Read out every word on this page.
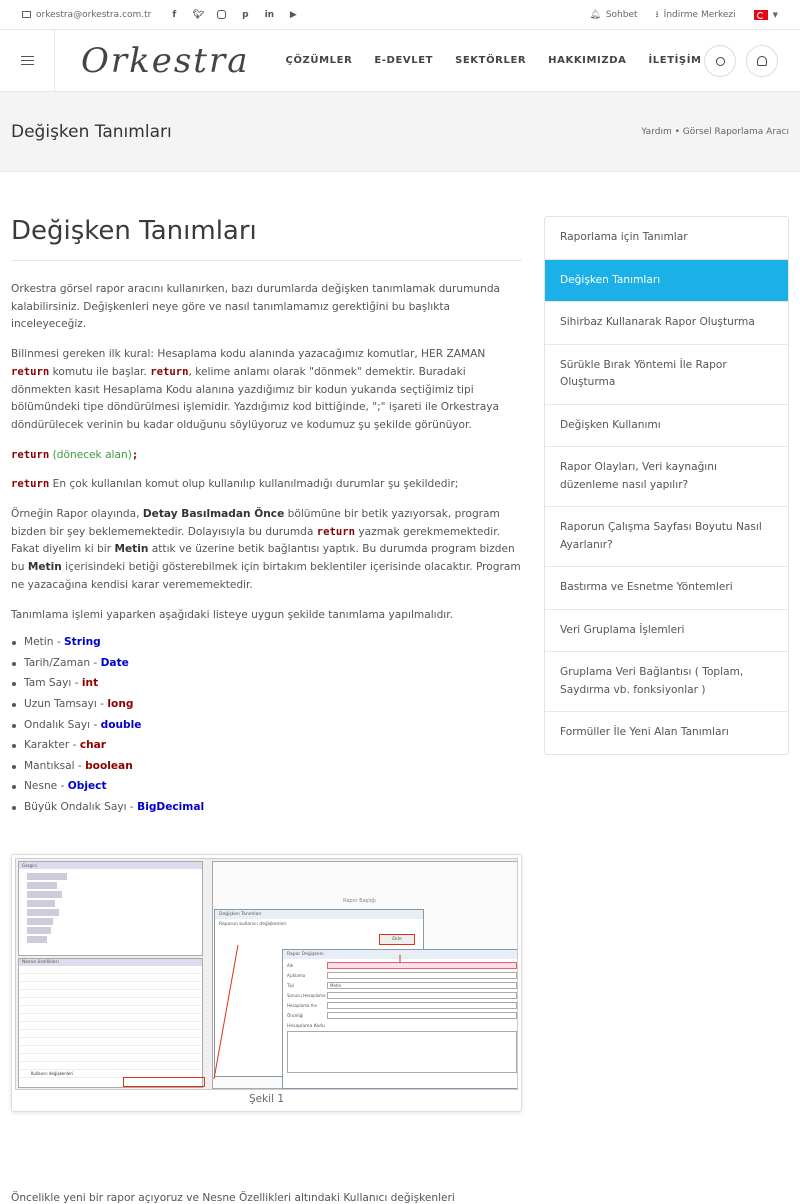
orkestra@orkestra.com.tr	f	🐦︎	p in ▶	🔔︎ Sohbet ⭳ İndirme Merkezi	▼
Orkestra	ÇÖZÜMLER E-DEVLET SEKTÖRLER HAKKIMIZDA İLETİŞİM
Değişken Tanımları	Yardım • Görsel Raporlama Aracı
Değişken Tanımları

Orkestra görsel rapor aracını kullanırken, bazı durumlarda değişken tanımlamak durumunda kalabilirsiniz. Değişkenleri neye göre ve nasıl tanımlamamız gerektiğini bu başlıkta inceleyeceğiz.

Bilinmesi gereken ilk kural: Hesaplama kodu alanında yazacağımız komutlar, HER ZAMAN return komutu ile başlar. return, kelime anlamı olarak "dönmek" demektir. Buradaki dönmekten kasıt Hesaplama Kodu alanına yazdığımız bir kodun yukarıda seçtiğimiz tipi bölümündeki tipe döndürülmesi işlemidir. Yazdığımız kod bittiğinde, ";" işareti ile Orkestraya döndürülecek verinin bu kadar olduğunu söylüyoruz ve kodumuz şu şekilde görünüyor.

return (dönecek alan);

return En çok kullanılan komut olup kullanılıp kullanılmadığı durumlar şu şekildedir;

Örneğin Rapor olayında, Detay Basılmadan Önce bölümüne bir betik yazıyorsak, program bizden bir şey beklememektedir. Dolayısıyla bu durumda return yazmak gerekmemektedir. Fakat diyelim ki bir Metin attık ve üzerine betik bağlantısı yaptık. Bu durumda program bizden bu Metin içerisindeki betiği gösterebilmek için birtakım beklentiler içerisinde olacaktır. Program ne yazacağına kendisi karar verememektedir.

Tanımlama işlemi yaparken aşağıdaki listeye uygun şekilde tanımlama yapılmalıdır.

Metin - String
Tarih/Zaman - Date
Tam Sayı - int
Uzun Tamsayı - long
Ondalık Sayı - double
Karakter - char
Mantıksal - boolean
Nesne - Object
Büyük Ondalık Sayı - BigDecimal
Gezgini
Nesne özellikleri

Kullanıcı değişkenleri
Rapor Başlığı
Değişken Tanımları
Raporun kullanıcı değişkenleri
Ekle
Rapor Değişkeni
Adı
Açıklama
Tipi	Metin
Sonucu Hesaplama
Hesaplama Anı
Önceliği
Hesaplama Kodu
Şekil 1
Raporlama için Tanımlar
Değişken Tanımları
Sihirbaz Kullanarak Rapor Oluşturma
Sürükle Bırak Yöntemi İle Rapor Oluşturma
Değişken Kullanımı
Rapor Olayları, Veri kaynağını düzenleme nasıl yapılır?
Raporun Çalışma Sayfası Boyutu Nasıl Ayarlanır?
Bastırma ve Esnetme Yöntemleri
Veri Gruplama İşlemleri
Gruplama Veri Bağlantısı ( Toplam, Saydırma vb. fonksiyonlar )
Formüller İle Yeni Alan Tanımları
Öncelikle yeni bir rapor açıyoruz ve Nesne Özellikleri altındaki Kullanıcı değişkenleri
